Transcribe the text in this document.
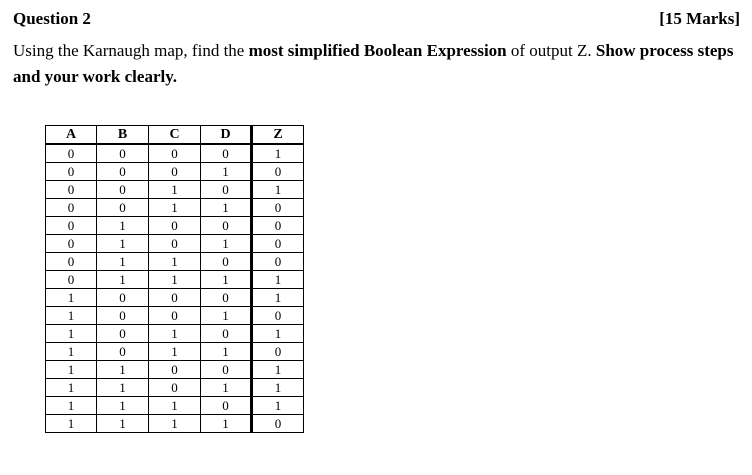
Question 2	[15 Marks]
Using the Karnaugh map, find the most simplified Boolean Expression of output Z. Show process steps and your work clearly.
A	B	C	D	Z
0	0	0	0	1
0	0	0	1	0
0	0	1	0	1
0	0	1	1	0
0	1	0	0	0
0	1	0	1	0
0	1	1	0	0
0	1	1	1	1
1	0	0	0	1
1	0	0	1	0
1	0	1	0	1
1	0	1	1	0
1	1	0	0	1
1	1	0	1	1
1	1	1	0	1
1	1	1	1	0
